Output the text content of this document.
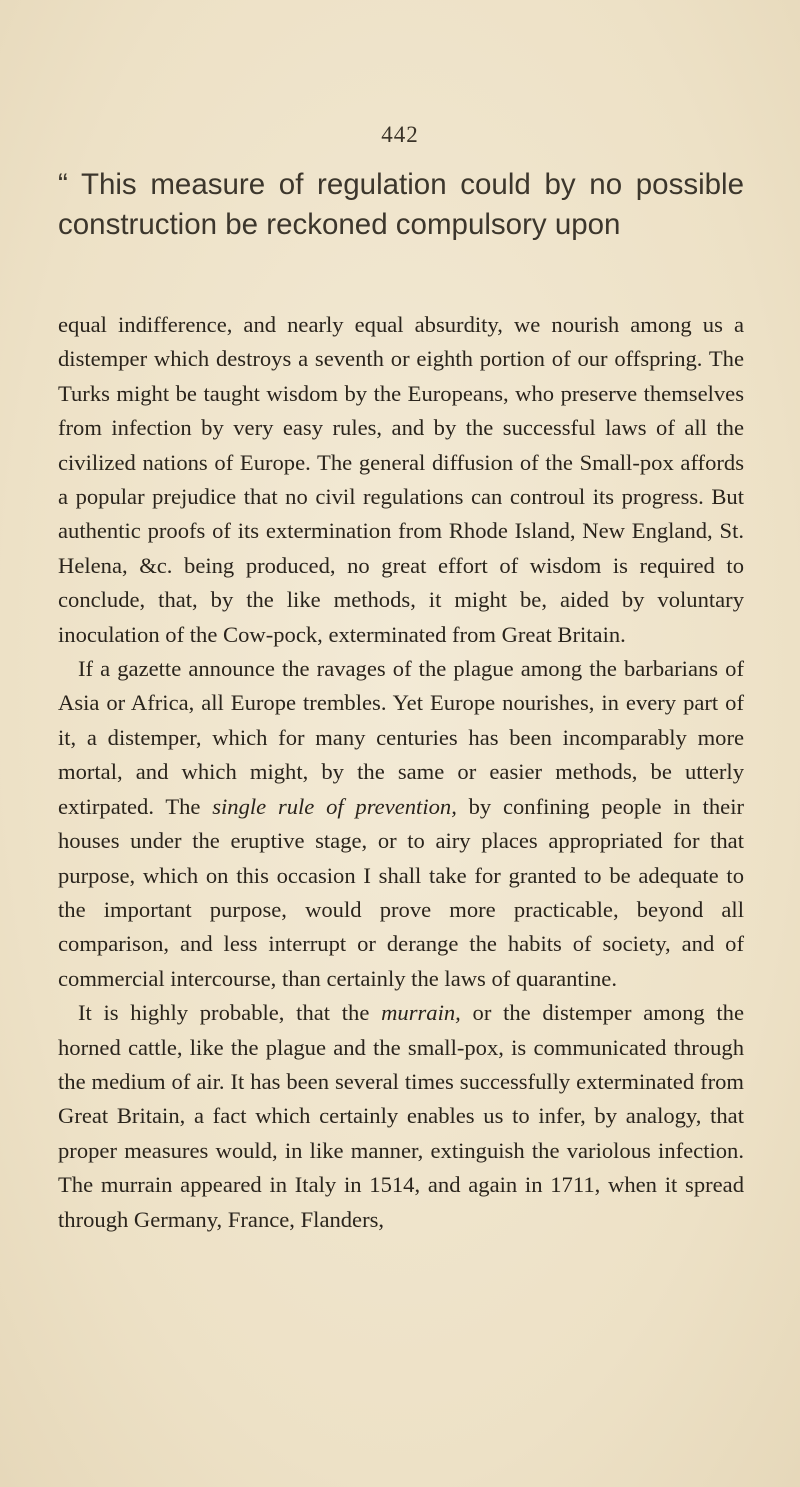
442
“ This measure of regulation could by no possible construction be reckoned compulsory upon

equal indifference, and nearly equal absurdity, we nourish among us a distemper which destroys a seventh or eighth portion of our offspring. The Turks might be taught wisdom by the Europeans, who preserve themselves from infection by very easy rules, and by the successful laws of all the civilized nations of Europe. The general diffusion of the Small-pox affords a popular prejudice that no civil regulations can controul its progress. But authentic proofs of its extermination from Rhode Island, New England, St. Helena, &c. being produced, no great effort of wisdom is required to conclude, that, by the like methods, it might be, aided by voluntary inoculation of the Cow-pock, exterminated from Great Britain.

If a gazette announce the ravages of the plague among the barbarians of Asia or Africa, all Europe trembles. Yet Europe nourishes, in every part of it, a distemper, which for many centuries has been incomparably more mortal, and which might, by the same or easier methods, be utterly extirpated. The single rule of prevention, by confining people in their houses under the eruptive stage, or to airy places appropriated for that purpose, which on this occasion I shall take for granted to be adequate to the important purpose, would prove more practicable, beyond all comparison, and less interrupt or derange the habits of society, and of commercial intercourse, than certainly the laws of quarantine.

It is highly probable, that the murrain, or the distemper among the horned cattle, like the plague and the small-pox, is communicated through the medium of air. It has been several times successfully exterminated from Great Britain, a fact which certainly enables us to infer, by analogy, that proper measures would, in like manner, extinguish the variolous infection. The murrain appeared in Italy in 1514, and again in 1711, when it spread through Germany, France, Flanders,
